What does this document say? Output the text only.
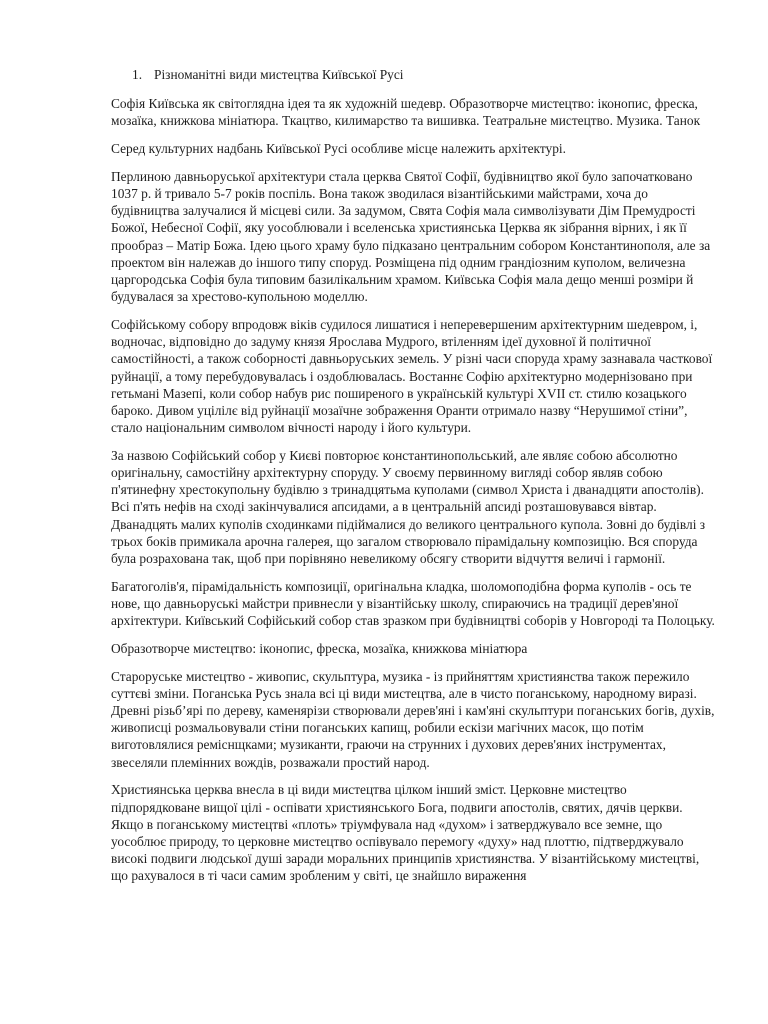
1. Різноманітні види мистецтва Київської Русі

Софія Київська як світоглядна ідея та як художній шедевр. Образотворче мистецтво: іконопис, фреска, мозаїка, книжкова мініатюра. Ткацтво, килимарство та вишивка. Театральне мистецтво. Музика. Танок

Серед культурних надбань Київської Русі особливе місце належить архітектурі.

Перлиною давньоруської архітектури стала церква Святої Софії, будівництво якої було започатковано 1037 р. й тривало 5-7 років поспіль. Вона також зводилася візантійськими майстрами, хоча до будівництва залучалися й місцеві сили. За задумом, Свята Софія мала символізувати Дім Премудрості Божої, Небесної Софії, яку уособлювали і вселенська християнська Церква як зібрання вірних, і як її прообраз – Матір Божа. Ідею цього храму було підказано центральним собором Константинополя, але за проектом він належав до іншого типу споруд. Розміщена під одним грандіозним куполом, величезна царгородська Софія була типовим базилікальним храмом. Київська Софія мала дещо менші розміри й будувалася за хрестово-купольною моделлю.

Софійському собору впродовж віків судилося лишатися і неперевершеним архітектурним шедевром, і, водночас, відповідно до задуму князя Ярослава Мудрого, втіленням ідеї духовної й політичної самостійності, а також соборності давньоруських земель. У різні часи споруда храму зазнавала часткової руйнації, а тому перебудовувалась і оздоблювалась. Востаннє Софію архітектурно модернізовано при гетьмані Мазепі, коли собор набув рис поширеного в українській культурі XVII ст. стилю козацького бароко. Дивом уцілілє від руйнації мозаїчне зображення Оранти отримало назву “Нерушимої стіни”, стало національним символом вічності народу і його культури.

За назвою Софійський собор у Києві повторює константинопольський, але являє собою абсолютно оригінальну, самостійну архітектурну споруду. У своєму первинному вигляді собор являв собою п'ятинефну хрестокупольну будівлю з тринадцятьма куполами (символ Христа і дванадцяти апостолів). Всі п'ять нефів на сході закінчувалися апсидами, а в центральній апсиді розташовувався вівтар. Дванадцять малих куполів сходинками підіймалися до великого центрального купола. Зовні до будівлі з трьох боків примикала арочна галерея, що загалом створювало пірамідальну композицію. Вся споруда була розрахована так, щоб при порівняно невеликому обсягу створити відчуття величі і гармонії.

Багатоголів'я, пірамідальність композиції, оригінальна кладка, шоломоподібна форма куполів - ось те нове, що давньоруські майстри привнесли у візантійську школу, спираючись на традиції дерев'яної архітектури. Київський Софійський собор став зразком при будівництві соборів у Новгороді та Полоцьку.

Образотворче мистецтво: іконопис, фреска, мозаїка, книжкова мініатюра

Староруське мистецтво - живопис, скульптура, музика - із прийняттям християнства також пережило суттєві зміни. Поганська Русь знала всі ці види мистецтва, але в чисто поганському, народному виразі. Древні різьб’ярі по дереву, каменярізи створювали дерев'яні і кам'яні скульптури поганських богів, духів, живописці розмальовували стіни поганських капищ, робили ескізи магічних масок, що потім виготовлялися реміснщками; музиканти, граючи на струнних і духових дерев'яних інструментах, звеселяли племінних вождів, розважали простий народ.

Християнська церква внесла в ці види мистецтва цілком інший зміст. Церковне мистецтво підпорядковане вищої цілі - оспівати християнського Бога, подвиги апостолів, святих, дячів церкви. Якщо в поганському мистецтві «плоть» тріумфувала над «духом» і затверджувало все земне, що уособлює природу, то церковне мистецтво оспівувало перемогу «духу» над плоттю, підтверджувало високі подвиги людської душі заради моральних принципів християнства. У візантійському мистецтві, що рахувалося в ті часи самим зробленим у світі, це знайшло вираження
